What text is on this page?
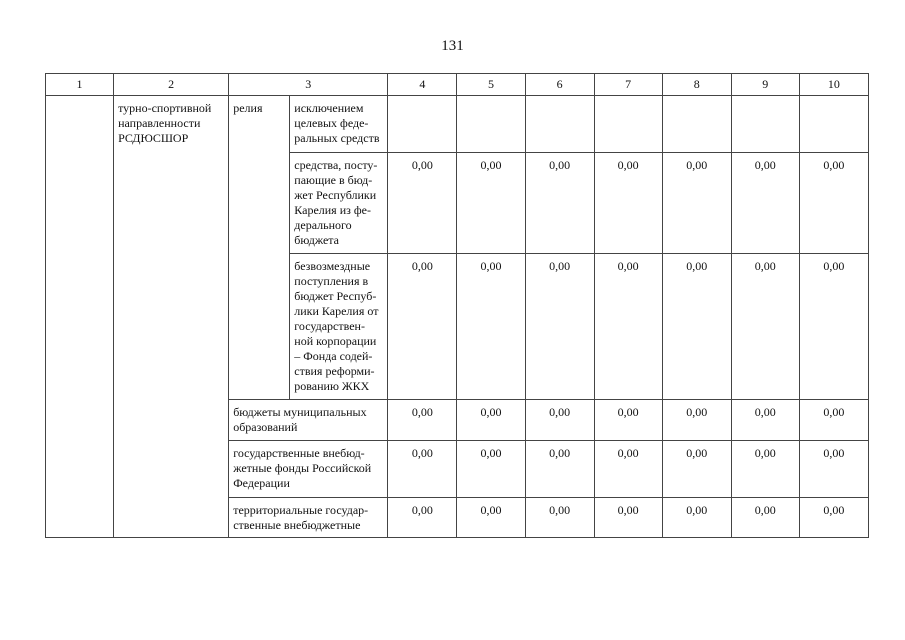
131
1	2	3		4	5	6	7	8	9	10
	турно-спортивной направленности РСДЮСШОР	релия	исключением целевых феде-ральных средств							
			средства, посту-пающие в бюд-жет Республики Карелия из фе-дерального бюджета	0,00	0,00	0,00	0,00	0,00	0,00	0,00
			безвозмездные поступления в бюджет Респуб-лики Карелия от государствен-ной корпорации – Фонда содей-ствия реформи-рованию ЖКХ	0,00	0,00	0,00	0,00	0,00	0,00	0,00
		бюджеты муниципальных образований		0,00	0,00	0,00	0,00	0,00	0,00	0,00
		государственные внебюд-жетные фонды Российской Федерации		0,00	0,00	0,00	0,00	0,00	0,00	0,00
		территориальные государ-ственные внебюджетные		0,00	0,00	0,00	0,00	0,00	0,00	0,00
